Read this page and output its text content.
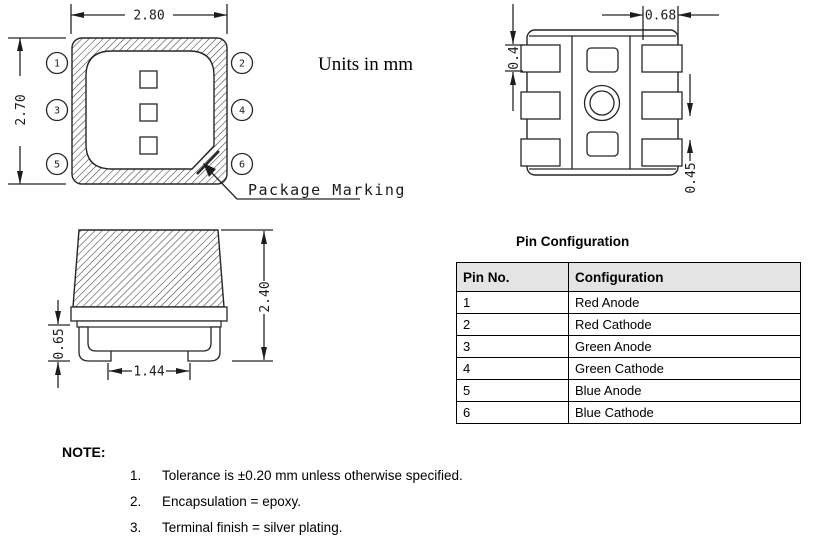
1	2
3	4
5	6
2.80
2.70
Package Marking
Units in mm
0.68
0.4
0.45
2.40
0.65
1.44
Pin Configuration
Pin No.	Configuration
1	Red Anode
2	Red Cathode
3	Green Anode
4	Green Cathode
5	Blue Anode
6	Blue Cathode
NOTE:
1.	Tolerance is ±0.20 mm unless otherwise specified.
2.	Encapsulation = epoxy.
3.	Terminal finish = silver plating.
